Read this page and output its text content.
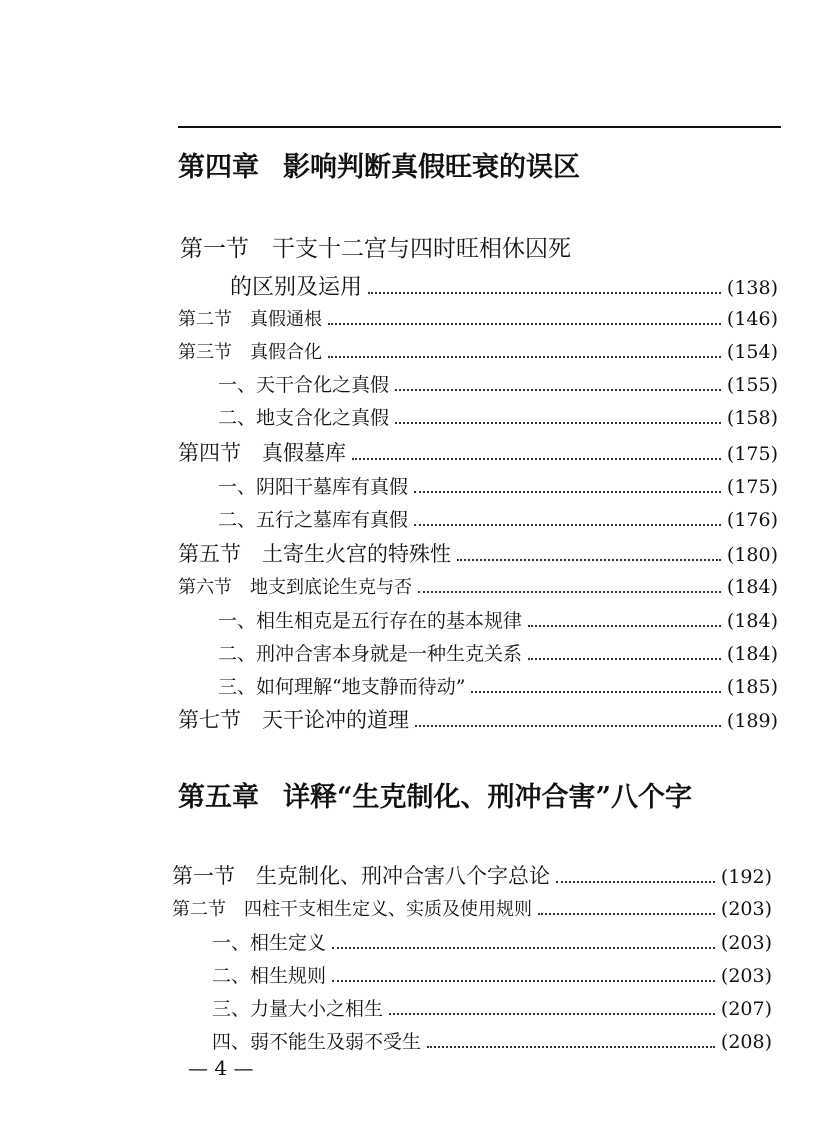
第四章 影响判断真假旺衰的误区
第一节　干支十二宫与四时旺相休囚死
的区别及运用	(138)
第二节　真假通根	(146)
第三节　真假合化	(154)
一、天干合化之真假	(155)
二、地支合化之真假	(158)
第四节　真假墓库	(175)
一、阴阳干墓库有真假	(175)
二、五行之墓库有真假	(176)
第五节　土寄生火宫的特殊性	(180)
第六节　地支到底论生克与否	(184)
一、相生相克是五行存在的基本规律	(184)
二、刑冲合害本身就是一种生克关系	(184)
三、如何理解“地支静而待动”	(185)
第七节　天干论冲的道理	(189)
第五章 详释“生克制化、刑冲合害”八个字
第一节　生克制化、刑冲合害八个字总论	(192)
第二节　四柱干支相生定义、实质及使用规则	(203)
一、相生定义	(203)
二、相生规则	(203)
三、力量大小之相生	(207)
四、弱不能生及弱不受生	(208)
— 4 —
